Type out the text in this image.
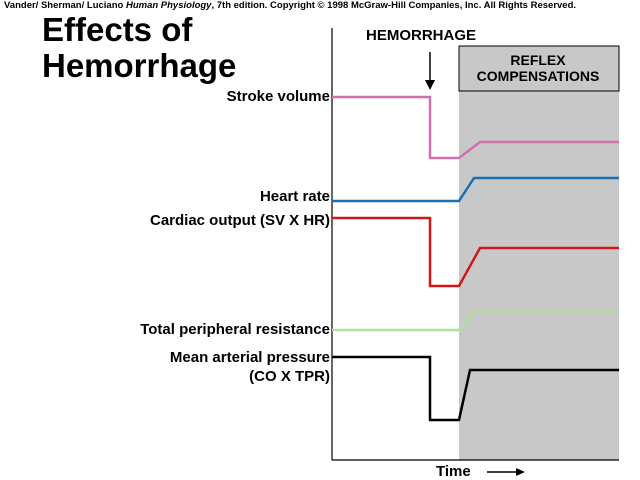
Vander/ Sherman/ Luciano Human Physiology, 7th edition. Copyright © 1998 McGraw-Hill Companies, Inc. All Rights Reserved.
Effects of
Hemorrhage
HEMORRHAGE
REFLEX
COMPENSATIONS
Stroke volume
Heart rate
Cardiac output (SV X HR)
Total peripheral resistance
Mean arterial pressure
(CO X TPR)
Time
